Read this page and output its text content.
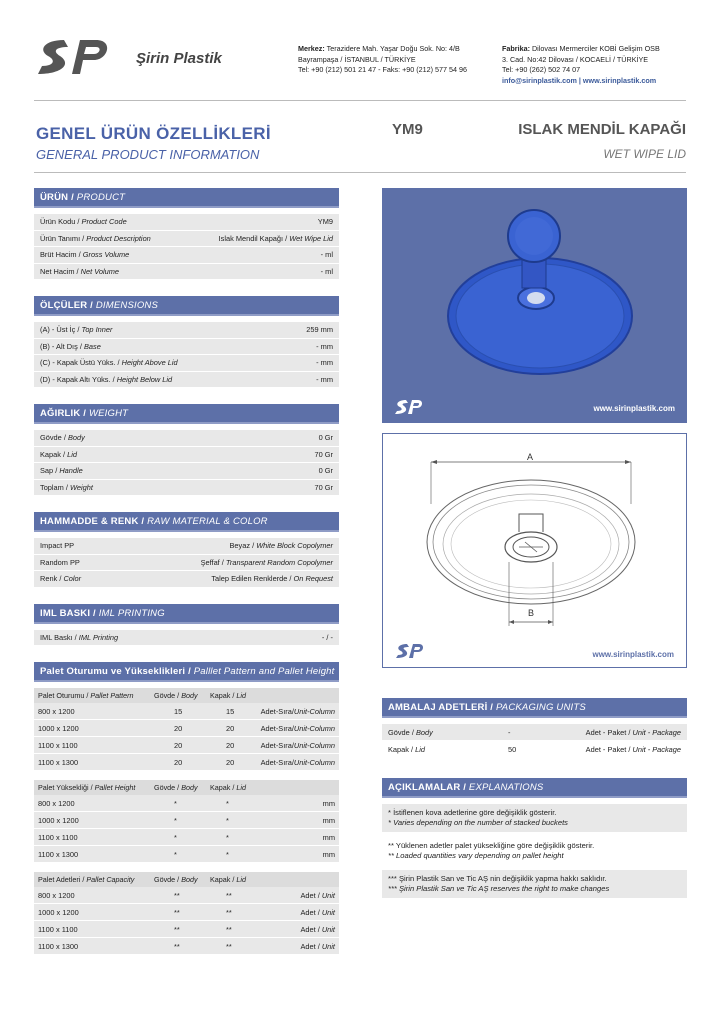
Şirin Plastik
Merkez: Terazidere Mah. Yaşar Doğu Sok. No: 4/B
Bayrampaşa / İSTANBUL / TÜRKİYE
Tel: +90 (212) 501 21 47 - Faks: +90 (212) 577 54 96
Fabrika: Dilovası Mermerciler KOBİ Gelişim OSB
3. Cad. No:42 Dilovası / KOCAELİ / TÜRKİYE
Tel: +90 (262) 502 74 07
info@sirinplastik.com | www.sirinplastik.com
GENEL ÜRÜN ÖZELLİKLERİ
GENERAL PRODUCT INFORMATION
YM9	ISLAK MENDİL KAPAĞI
WET WIPE LID
ÜRÜN / PRODUCT
Ürün Kodu / Product Code	YM9
Ürün Tanımı / Product Description	Islak Mendil Kapağı / Wet Wipe Lid
Brüt Hacim / Gross Volume	- ml
Net Hacim / Net Volume	- ml
ÖLÇÜLER / DIMENSIONS
(A) - Üst İç / Top Inner	259 mm
(B) - Alt Dış / Base	- mm
(C) - Kapak Üstü Yüks. / Height Above Lid	- mm
(D) - Kapak Altı Yüks. / Height Below Lid	- mm
AĞIRLIK / WEIGHT
Gövde / Body	0 Gr
Kapak / Lid	70 Gr
Sap / Handle	0 Gr
Toplam / Weight	70 Gr
HAMMADDE & RENK / RAW MATERIAL & COLOR
Impact PP	Beyaz / White Block Copolymer
Random PP	Şeffaf / Transparent Random Copolymer
Renk / Color	Talep Edilen Renklerde / On Request
IML BASKI / IML PRINTING
IML Baskı / IML Printing	- / -
Palet Oturumu ve Yükseklikleri / Palllet Pattern and Pallet Height
Palet Oturumu / Pallet Pattern	Gövde / Body	Kapak / Lid
800 x 1200	15	15	Adet-Sıra/Unit-Column
1000 x 1200	20	20	Adet-Sıra/Unit-Column
1100 x 1100	20	20	Adet-Sıra/Unit-Column
1100 x 1300	20	20	Adet-Sıra/Unit-Column
Palet Yüksekliği / Pallet Height	Gövde / Body	Kapak / Lid
800 x 1200	*	*	mm
1000 x 1200	*	*	mm
1100 x 1100	*	*	mm
1100 x 1300	*	*	mm
Palet Adetleri / Pallet Capacity	Gövde / Body	Kapak / Lid
800 x 1200	**	**	Adet / Unit
1000 x 1200	**	**	Adet / Unit
1100 x 1100	**	**	Adet / Unit
1100 x 1300	**	**	Adet / Unit
www.sirinplastik.com
A
B
www.sirinplastik.com
AMBALAJ ADETLERİ / PACKAGING UNITS
Gövde / Body	-	Adet - Paket / Unit - Package
Kapak / Lid	50	Adet - Paket / Unit - Package
AÇIKLAMALAR / EXPLANATIONS
* İstiflenen kova adetlerine göre değişiklik gösterir.
* Varies depending on the number of stacked buckets
** Yüklenen adetler palet yüksekliğine göre değişiklik gösterir.
** Loaded quantities vary depending on pallet height
*** Şirin Plastik San ve Tic AŞ nin değişiklik yapma hakkı saklıdır.
*** Şirin Plastik San ve Tic AŞ reserves the right to make changes
